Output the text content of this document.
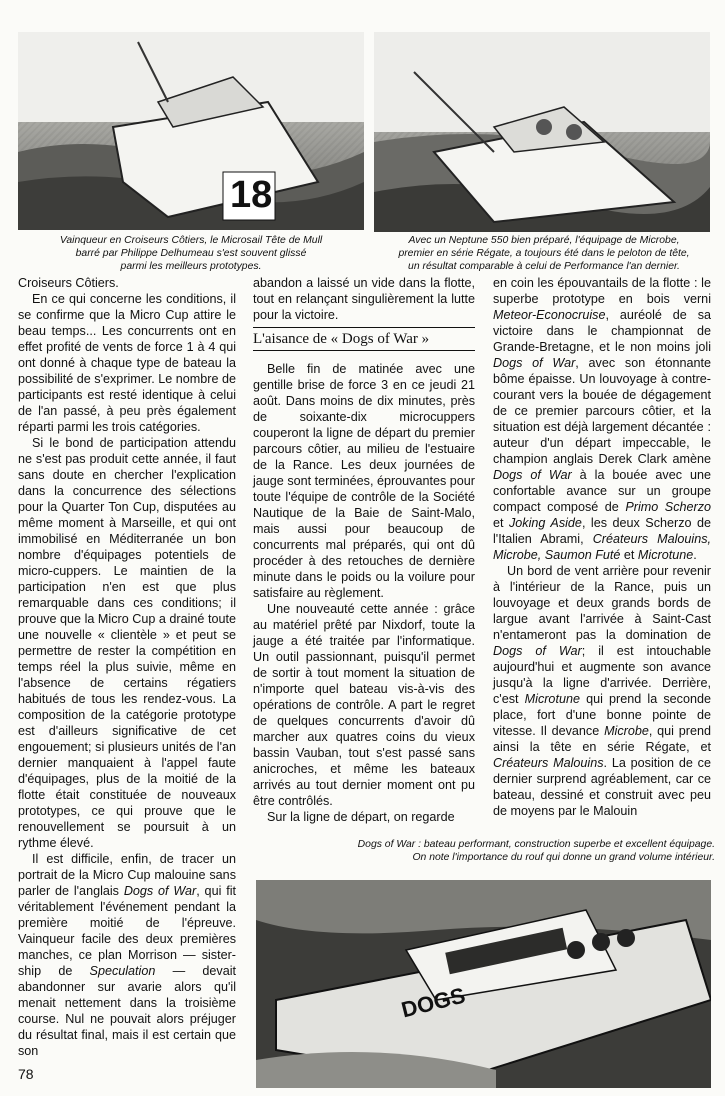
18
Vainqueur en Croiseurs Côtiers, le Microsail Tête de Mull
barré par Philippe Delhumeau s'est souvent glissé
parmi les meilleurs prototypes.
Avec un Neptune 550 bien préparé, l'équipage de Microbe,
premier en série Régate, a toujours été dans le peloton de tête,
un résultat comparable à celui de Performance l'an dernier.

Croiseurs Côtiers.

En ce qui concerne les conditions, il se confirme que la Micro Cup attire le beau temps... Les concurrents ont en effet profité de vents de force 1 à 4 qui ont donné à chaque type de bateau la possibilité de s'exprimer. Le nombre de participants est resté identique à celui de l'an passé, à peu près également réparti parmi les trois catégories.

Si le bond de participation attendu ne s'est pas produit cette année, il faut sans doute en chercher l'explication dans la concurrence des sélections pour la Quarter Ton Cup, disputées au même moment à Marseille, et qui ont immobilisé en Méditerranée un bon nombre d'équipages potentiels de micro-cuppers. Le maintien de la participation n'en est que plus remarquable dans ces conditions; il prouve que la Micro Cup a drainé toute une nouvelle « clientèle » et peut se permettre de rester la compétition en temps réel la plus suivie, même en l'absence de certains régatiers habitués de tous les rendez-vous. La composition de la catégorie prototype est d'ailleurs significative de cet engouement; si plusieurs unités de l'an dernier manquaient à l'appel faute d'équipages, plus de la moitié de la flotte était constituée de nouveaux prototypes, ce qui prouve que le renouvellement se poursuit à un rythme élevé.

Il est difficile, enfin, de tracer un portrait de la Micro Cup malouine sans parler de l'anglais Dogs of War, qui fit véritablement l'événement pendant la première moitié de l'épreuve. Vainqueur facile des deux premières manches, ce plan Morrison — sister-ship de Speculation — devait abandonner sur avarie alors qu'il menait nettement dans la troisième course. Nul ne pouvait alors préjuger du résultat final, mais il est certain que son

abandon a laissé un vide dans la flotte, tout en relançant singulièrement la lutte pour la victoire.

L'aisance de « Dogs of War »

Belle fin de matinée avec une gentille brise de force 3 en ce jeudi 21 août. Dans moins de dix minutes, près de soixante-dix microcuppers couperont la ligne de départ du premier parcours côtier, au milieu de l'estuaire de la Rance. Les deux journées de jauge sont terminées, éprouvantes pour toute l'équipe de contrôle de la Société Nautique de la Baie de Saint-Malo, mais aussi pour beaucoup de concurrents mal préparés, qui ont dû procéder à des retouches de dernière minute dans le poids ou la voilure pour satisfaire au règlement.

Une nouveauté cette année : grâce au matériel prêté par Nixdorf, toute la jauge a été traitée par l'informatique. Un outil passionnant, puisqu'il permet de sortir à tout moment la situation de n'importe quel bateau vis-à-vis des opérations de contrôle. A part le regret de quelques concurrents d'avoir dû marcher aux quatres coins du vieux bassin Vauban, tout s'est passé sans anicroches, et même les bateaux arrivés au tout dernier moment ont pu être contrôlés.

Sur la ligne de départ, on regarde

en coin les épouvantails de la flotte : le superbe prototype en bois verni Meteor-Econocruise, auréolé de sa victoire dans le championnat de Grande-Bretagne, et le non moins joli Dogs of War, avec son étonnante bôme épaisse. Un louvoyage à contre-courant vers la bouée de dégagement de ce premier parcours côtier, et la situation est déjà largement décantée : auteur d'un départ impeccable, le champion anglais Derek Clark amène Dogs of War à la bouée avec une confortable avance sur un groupe compact composé de Primo Scherzo et Joking Aside, les deux Scherzo de l'Italien Abrami, Créateurs Malouins, Microbe, Saumon Futé et Microtune.

Un bord de vent arrière pour revenir à l'intérieur de la Rance, puis un louvoyage et deux grands bords de largue avant l'arrivée à Saint-Cast n'entameront pas la domination de Dogs of War; il est intouchable aujourd'hui et augmente son avance jusqu'à la ligne d'arrivée. Derrière, c'est Microtune qui prend la seconde place, fort d'une bonne pointe de vitesse. Il devance Microbe, qui prend ainsi la tête en série Régate, et Créateurs Malouins. La position de ce dernier surprend agréablement, car ce bateau, dessiné et construit avec peu de moyens par le Malouin

Dogs of War : bateau performant, construction superbe et excellent équipage.
On note l'importance du rouf qui donne un grand volume intérieur.
DOGS
78
